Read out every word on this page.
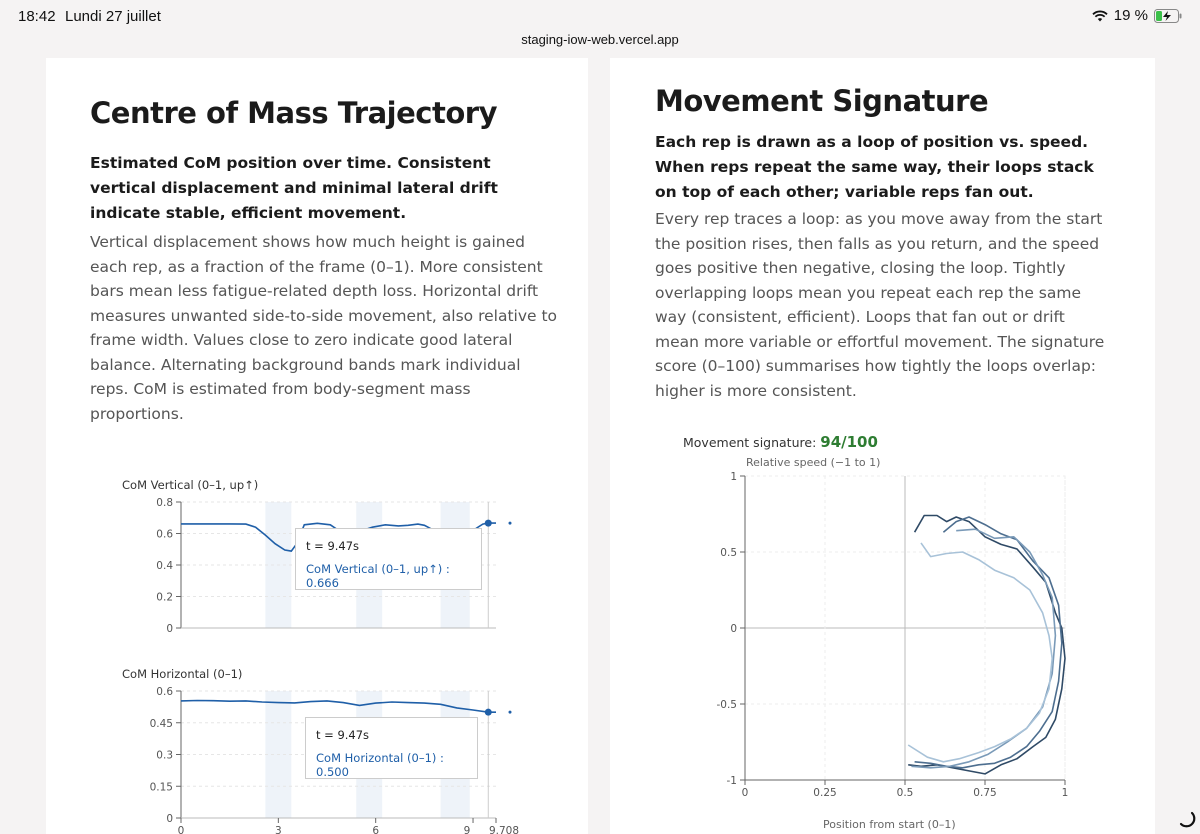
18:42 Lundi 27 juillet	19 %
staging-iow-web.vercel.app
Centre of Mass Trajectory
Estimated CoM position over time. Consistent vertical displacement and minimal lateral drift indicate stable, efficient movement.
Vertical displacement shows how much height is gained each rep, as a fraction of the frame (0–1). More consistent bars mean less fatigue-related depth loss. Horizontal drift measures unwanted side-to-side movement, also relative to frame width. Values close to zero indicate good lateral balance. Alternating background bands mark individual reps. CoM is estimated from body-segment mass proportions.
CoM Vertical (0–1, up↑)
0
0.2
0.4
0.6
0.8
0
0.15
0.3
0.45
0.6
0	3	6	9 9.708
t = 9.47s
CoM Vertical (0–1, up↑) : 0.666
CoM Horizontal (0–1)
t = 9.47s
CoM Horizontal (0–1) : 0.500
Movement Signature
Each rep is drawn as a loop of position vs. speed. When reps repeat the same way, their loops stack on top of each other; variable reps fan out.
Every rep traces a loop: as you move away from the start the position rises, then falls as you return, and the speed goes positive then negative, closing the loop. Tightly overlapping loops mean you repeat each rep the same way (consistent, efficient). Loops that fan out or drift mean more variable or effortful movement. The signature score (0–100) summarises how tightly the loops overlap: higher is more consistent.
Movement signature: 94/100
Relative speed (−1 to 1)
-1
-0.5
0
0.5
1
0	0.25	0.5	0.75	1
Position from start (0–1)
